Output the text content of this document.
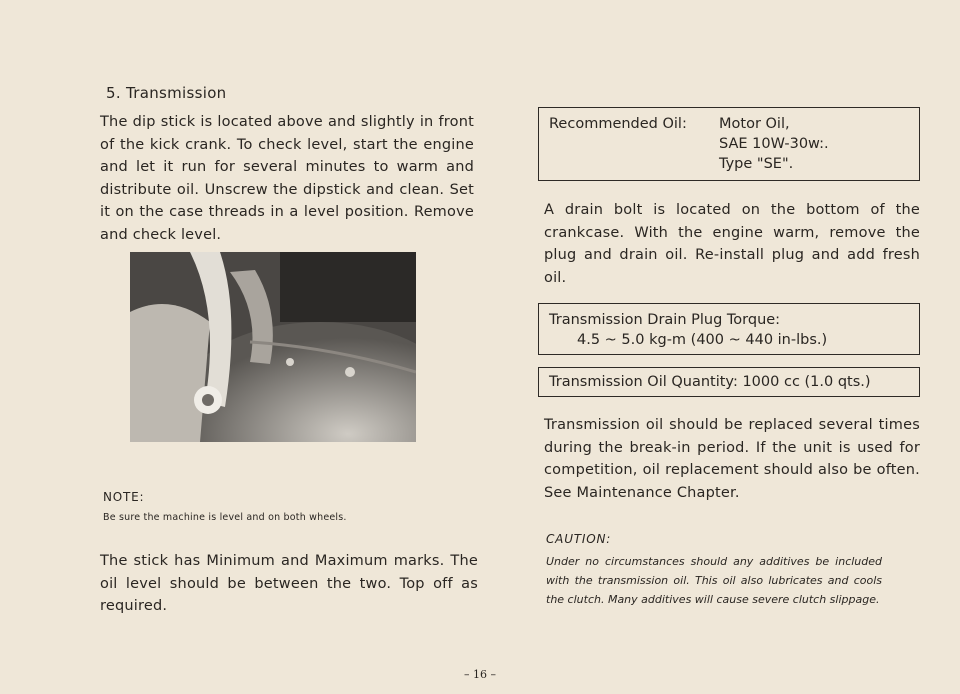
5. Transmission

The dip stick is located above and slightly in front of the kick crank. To check level, start the engine and let it run for several minutes to warm and distribute oil. Unscrew the dipstick and clean. Set it on the case threads in a level position. Remove and check level.

NOTE:
Be sure the machine is level and on both wheels.

The stick has Minimum and Maximum marks. The oil level should be between the two. Top off as required.

Recommended Oil: Motor Oil,
SAE 10W-30w:.
Type "SE".

A drain bolt is located on the bottom of the crankcase. With the engine warm, remove the plug and drain oil. Re-install plug and add fresh oil.

Transmission Drain Plug Torque:
4.5 ~ 5.0 kg-m (400 ~ 440 in-lbs.)
Transmission Oil Quantity: 1000 cc (1.0 qts.)

Transmission oil should be replaced several times during the break-in period. If the unit is used for competition, oil replacement should also be often. See Maintenance Chapter.

CAUTION:

Under no circumstances should any additives be included with the transmission oil. This oil also lubricates and cools the clutch. Many additives will cause severe clutch slippage.

– 16 –
